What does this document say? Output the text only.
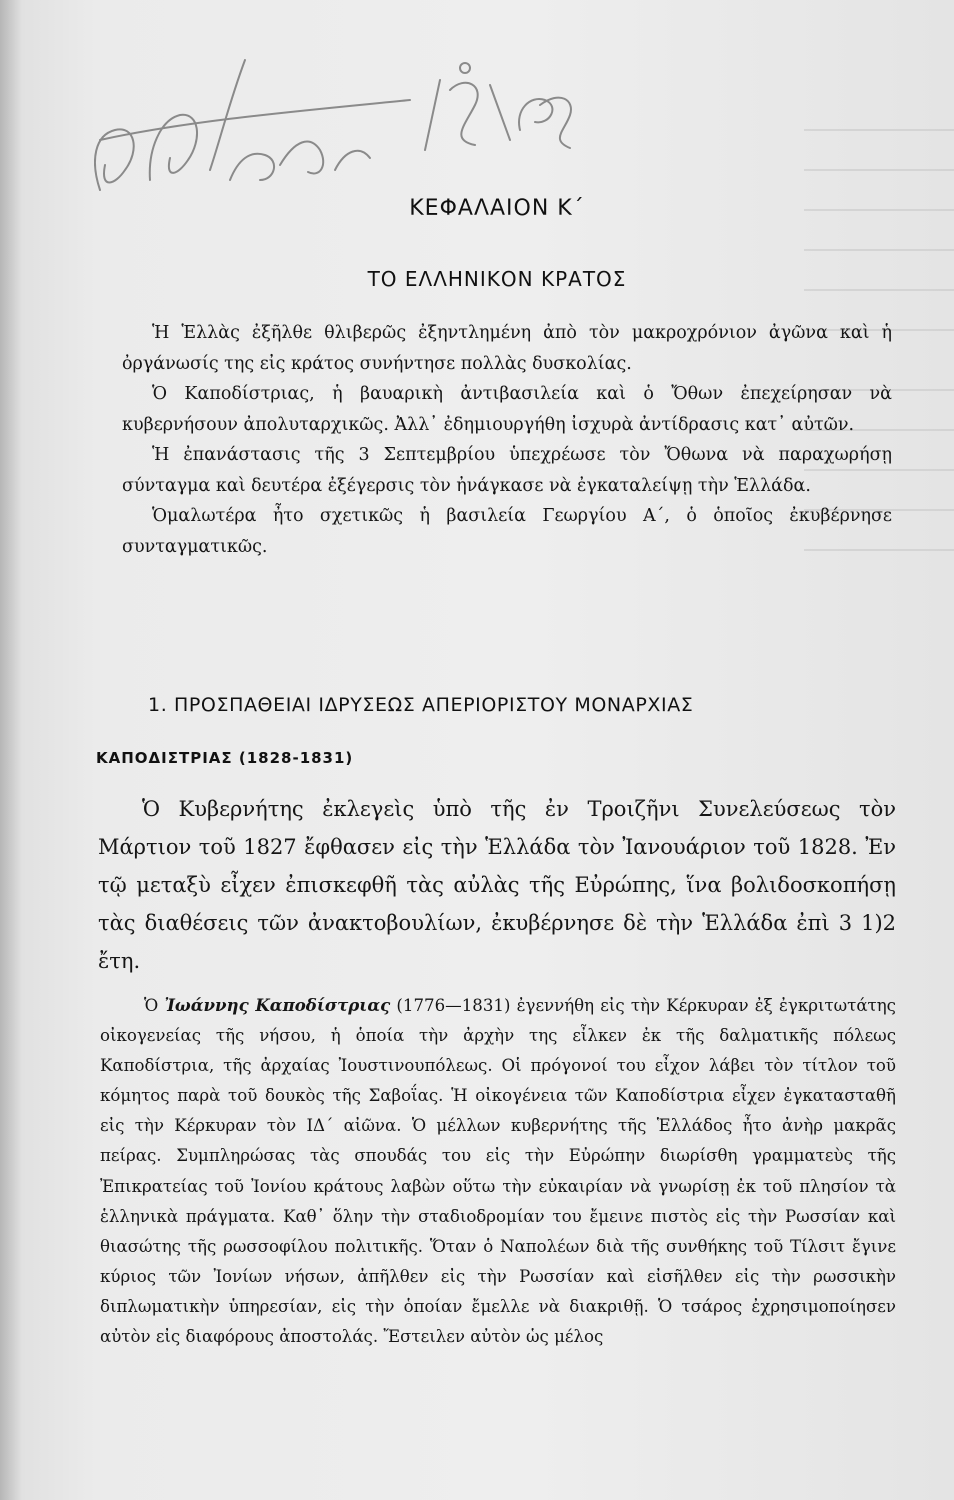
ΚΕΦΑΛΑΙΟΝ Κ΄
ΤΟ ΕΛΛΗΝΙΚΟΝ ΚΡΑΤΟΣ

Ἡ Ἑλλὰς ἐξῆλθε θλιβερῶς ἐξηντλημένη ἀπὸ τὸν μακροχρόνιον ἀγῶνα καὶ ἡ ὀργάνωσίς της εἰς κράτος συνήντησε πολλὰς δυσκολίας.

Ὁ Καποδίστριας, ἡ βαυαρικὴ ἀντιβασιλεία καὶ ὁ Ὄθων ἐπεχείρησαν νὰ κυβερνήσουν ἀπολυταρχικῶς. Ἀλλ᾿ ἐδημιουργήθη ἰσχυρὰ ἀντίδρασις κατ᾿ αὐτῶν.

Ἡ ἐπανάστασις τῆς 3 Σεπτεμβρίου ὑπεχρέωσε τὸν Ὄθωνα νὰ παραχωρήσῃ σύνταγμα καὶ δευτέρα ἐξέγερσις τὸν ἠνάγκασε νὰ ἐγκαταλείψῃ τὴν Ἑλλάδα.

Ὁμαλωτέρα ἦτο σχετικῶς ἡ βασιλεία Γεωργίου Α΄, ὁ ὁποῖος ἐκυβέρνησε συνταγματικῶς.

1. ΠΡΟΣΠΑΘΕΙΑΙ ΙΔΡΥΣΕΩΣ ΑΠΕΡΙΟΡΙΣΤΟΥ ΜΟΝΑΡΧΙΑΣ
ΚΑΠΟΔΙΣΤΡΙΑΣ (1828-1831)

Ὁ Κυβερνήτης ἐκλεγεὶς ὑπὸ τῆς ἐν Τροιζῆνι Συνελεύσεως τὸν Μάρτιον τοῦ 1827 ἔφθασεν εἰς τὴν Ἑλλάδα τὸν Ἰανουάριον τοῦ 1828. Ἐν τῷ μεταξὺ εἶχεν ἐπισκεφθῆ τὰς αὐλὰς τῆς Εὐρώπης, ἵνα βολιδοσκοπήσῃ τὰς διαθέσεις τῶν ἀνακτοβουλίων, ἐκυβέρνησε δὲ τὴν Ἑλλάδα ἐπὶ 3 1)2 ἔτη.

Ὁ Ἰωάννης Καποδίστριας (1776—1831) ἐγεννήθη εἰς τὴν Κέρκυραν ἐξ ἐγκριτωτάτης οἰκογενείας τῆς νήσου, ἡ ὁποία τὴν ἀρχὴν της εἶλκεν ἐκ τῆς δαλματικῆς πόλεως Καποδίστρια, τῆς ἀρχαίας Ἰουστινουπόλεως. Οἱ πρόγονοί του εἶχον λάβει τὸν τίτλον τοῦ κόμητος παρὰ τοῦ δουκὸς τῆς Σαβοΐας. Ἡ οἰκογένεια τῶν Καποδίστρια εἶχεν ἐγκατασταθῆ εἰς τὴν Κέρκυραν τὸν ΙΔ΄ αἰῶνα. Ὁ μέλλων κυβερνήτης τῆς Ἑλλάδος ἦτο ἀνὴρ μακρᾶς πείρας. Συμπληρώσας τὰς σπουδάς του εἰς τὴν Εὐρώπην διωρίσθη γραμματεὺς τῆς Ἐπικρατείας τοῦ Ἰονίου κράτους λαβὼν οὕτω τὴν εὐκαιρίαν νὰ γνωρίσῃ ἐκ τοῦ πλησίον τὰ ἑλληνικὰ πράγματα. Καθ᾿ ὅλην τὴν σταδιοδρομίαν του ἔμεινε πιστὸς εἰς τὴν Ρωσσίαν καὶ θιασώτης τῆς ρωσσοφίλου πολιτικῆς. Ὅταν ὁ Ναπολέων διὰ τῆς συνθήκης τοῦ Τίλσιτ ἔγινε κύριος τῶν Ἰονίων νήσων, ἀπῆλθεν εἰς τὴν Ρωσσίαν καὶ εἰσῆλθεν εἰς τὴν ρωσσικὴν διπλωματικὴν ὑπηρεσίαν, εἰς τὴν ὁποίαν ἔμελλε νὰ διακριθῇ. Ὁ τσάρος ἐχρησιμοποίησεν αὐτὸν εἰς διαφόρους ἀποστολάς. Ἔστειλεν αὐτὸν ὡς μέλος
